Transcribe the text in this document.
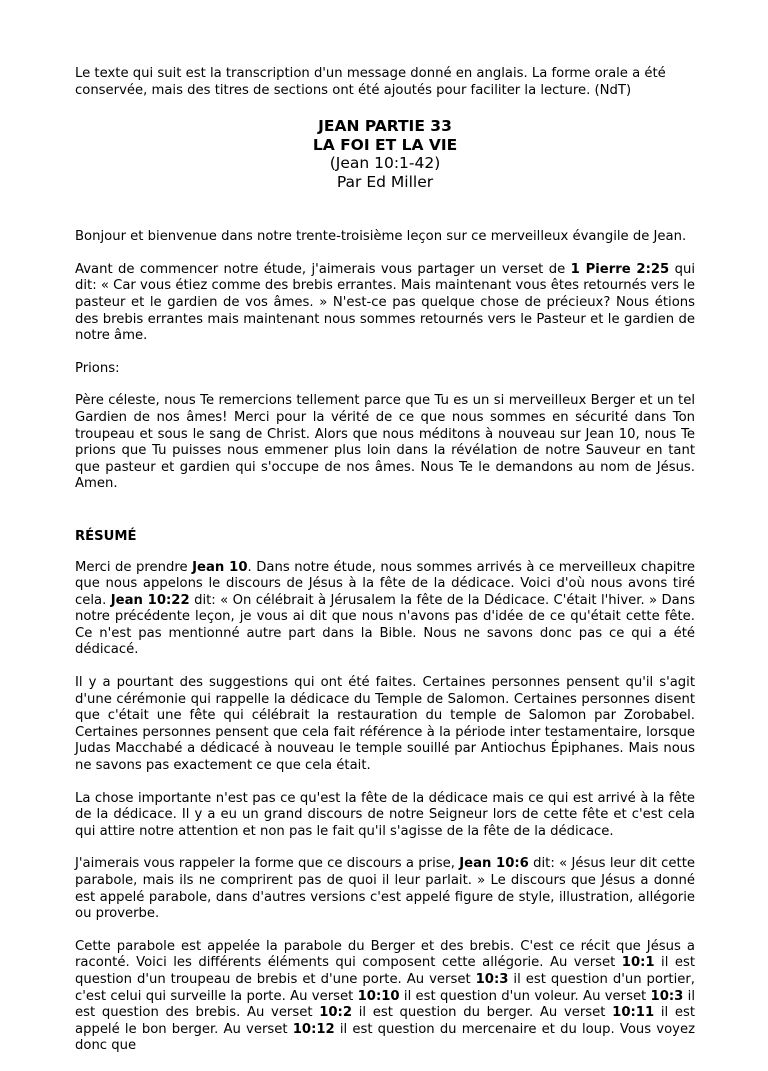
Le texte qui suit est la transcription d'un message donné en anglais. La forme orale a été conservée, mais des titres de sections ont été ajoutés pour faciliter la lecture. (NdT)

JEAN PARTIE 33
LA FOI ET LA VIE
(Jean 10:1-42)
Par Ed Miller

Bonjour et bienvenue dans notre trente-troisième leçon sur ce merveilleux évangile de Jean.

Avant de commencer notre étude, j'aimerais vous partager un verset de 1 Pierre 2:25 qui dit: « Car vous étiez comme des brebis errantes. Mais maintenant vous êtes retournés vers le pasteur et le gardien de vos âmes. » N'est-ce pas quelque chose de précieux? Nous étions des brebis errantes mais maintenant nous sommes retournés vers le Pasteur et le gardien de notre âme.

Prions:

Père céleste, nous Te remercions tellement parce que Tu es un si merveilleux Berger et un tel Gardien de nos âmes! Merci pour la vérité de ce que nous sommes en sécurité dans Ton troupeau et sous le sang de Christ. Alors que nous méditons à nouveau sur Jean 10, nous Te prions que Tu puisses nous emmener plus loin dans la révélation de notre Sauveur en tant que pasteur et gardien qui s'occupe de nos âmes. Nous Te le demandons au nom de Jésus. Amen.

RÉSUMÉ

Merci de prendre Jean 10. Dans notre étude, nous sommes arrivés à ce merveilleux chapitre que nous appelons le discours de Jésus à la fête de la dédicace. Voici d'où nous avons tiré cela. Jean 10:22 dit: « On célébrait à Jérusalem la fête de la Dédicace. C'était l'hiver. » Dans notre précédente leçon, je vous ai dit que nous n'avons pas d'idée de ce qu'était cette fête. Ce n'est pas mentionné autre part dans la Bible. Nous ne savons donc pas ce qui a été dédicacé.

Il y a pourtant des suggestions qui ont été faites. Certaines personnes pensent qu'il s'agit d'une cérémonie qui rappelle la dédicace du Temple de Salomon. Certaines personnes disent que c'était une fête qui célébrait la restauration du temple de Salomon par Zorobabel. Certaines personnes pensent que cela fait référence à la période inter testamentaire, lorsque Judas Macchabé a dédicacé à nouveau le temple souillé par Antiochus Épiphanes. Mais nous ne savons pas exactement ce que cela était.

La chose importante n'est pas ce qu'est la fête de la dédicace mais ce qui est arrivé à la fête de la dédicace. Il y a eu un grand discours de notre Seigneur lors de cette fête et c'est cela qui attire notre attention et non pas le fait qu'il s'agisse de la fête de la dédicace.

J'aimerais vous rappeler la forme que ce discours a prise, Jean 10:6 dit: « Jésus leur dit cette parabole, mais ils ne comprirent pas de quoi il leur parlait. » Le discours que Jésus a donné est appelé parabole, dans d'autres versions c'est appelé figure de style, illustration, allégorie ou proverbe.

Cette parabole est appelée la parabole du Berger et des brebis. C'est ce récit que Jésus a raconté. Voici les différents éléments qui composent cette allégorie. Au verset 10:1 il est question d'un troupeau de brebis et d'une porte. Au verset 10:3 il est question d'un portier, c'est celui qui surveille la porte. Au verset 10:10 il est question d'un voleur. Au verset 10:3 il est question des brebis. Au verset 10:2 il est question du berger. Au verset 10:11 il est appelé le bon berger. Au verset 10:12 il est question du mercenaire et du loup. Vous voyez donc que
